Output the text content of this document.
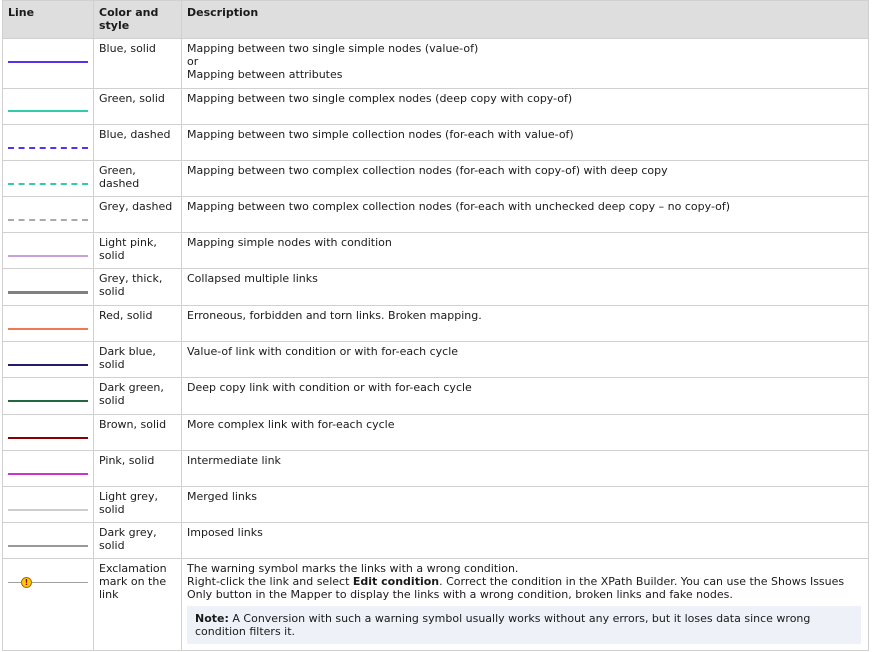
Line	Color and style	Description

	Blue, solid	Mapping between two single simple nodes (value-of)
or
Mapping between attributes

	Green, solid	Mapping between two single complex nodes (deep copy with copy-of)

	Blue, dashed	Mapping between two simple collection nodes (for-each with value-of)

	Green, dashed	Mapping between two complex collection nodes (for-each with copy-of) with deep copy

	Grey, dashed	Mapping between two complex collection nodes (for-each with unchecked deep copy – no copy-of)

	Light pink, solid	Mapping simple nodes with condition

	Grey, thick, solid	Collapsed multiple links

	Red, solid	Erroneous, forbidden and torn links. Broken mapping.

	Dark blue, solid	Value-of link with condition or with for-each cycle

	Dark green, solid	Deep copy link with condition or with for-each cycle

	Brown, solid	More complex link with for-each cycle

	Pink, solid	Intermediate link

	Light grey, solid	Merged links

	Dark grey, solid	Imposed links

!	Exclamation mark on the link	The warning symbol marks the links with a wrong condition.
Right-click the link and select Edit condition. Correct the condition in the XPath Builder. You can use the Shows Issues Only button in the Mapper to display the links with a wrong condition, broken links and fake nodes.
Note: A Conversion with such a warning symbol usually works without any errors, but it loses data since wrong condition filters it.
